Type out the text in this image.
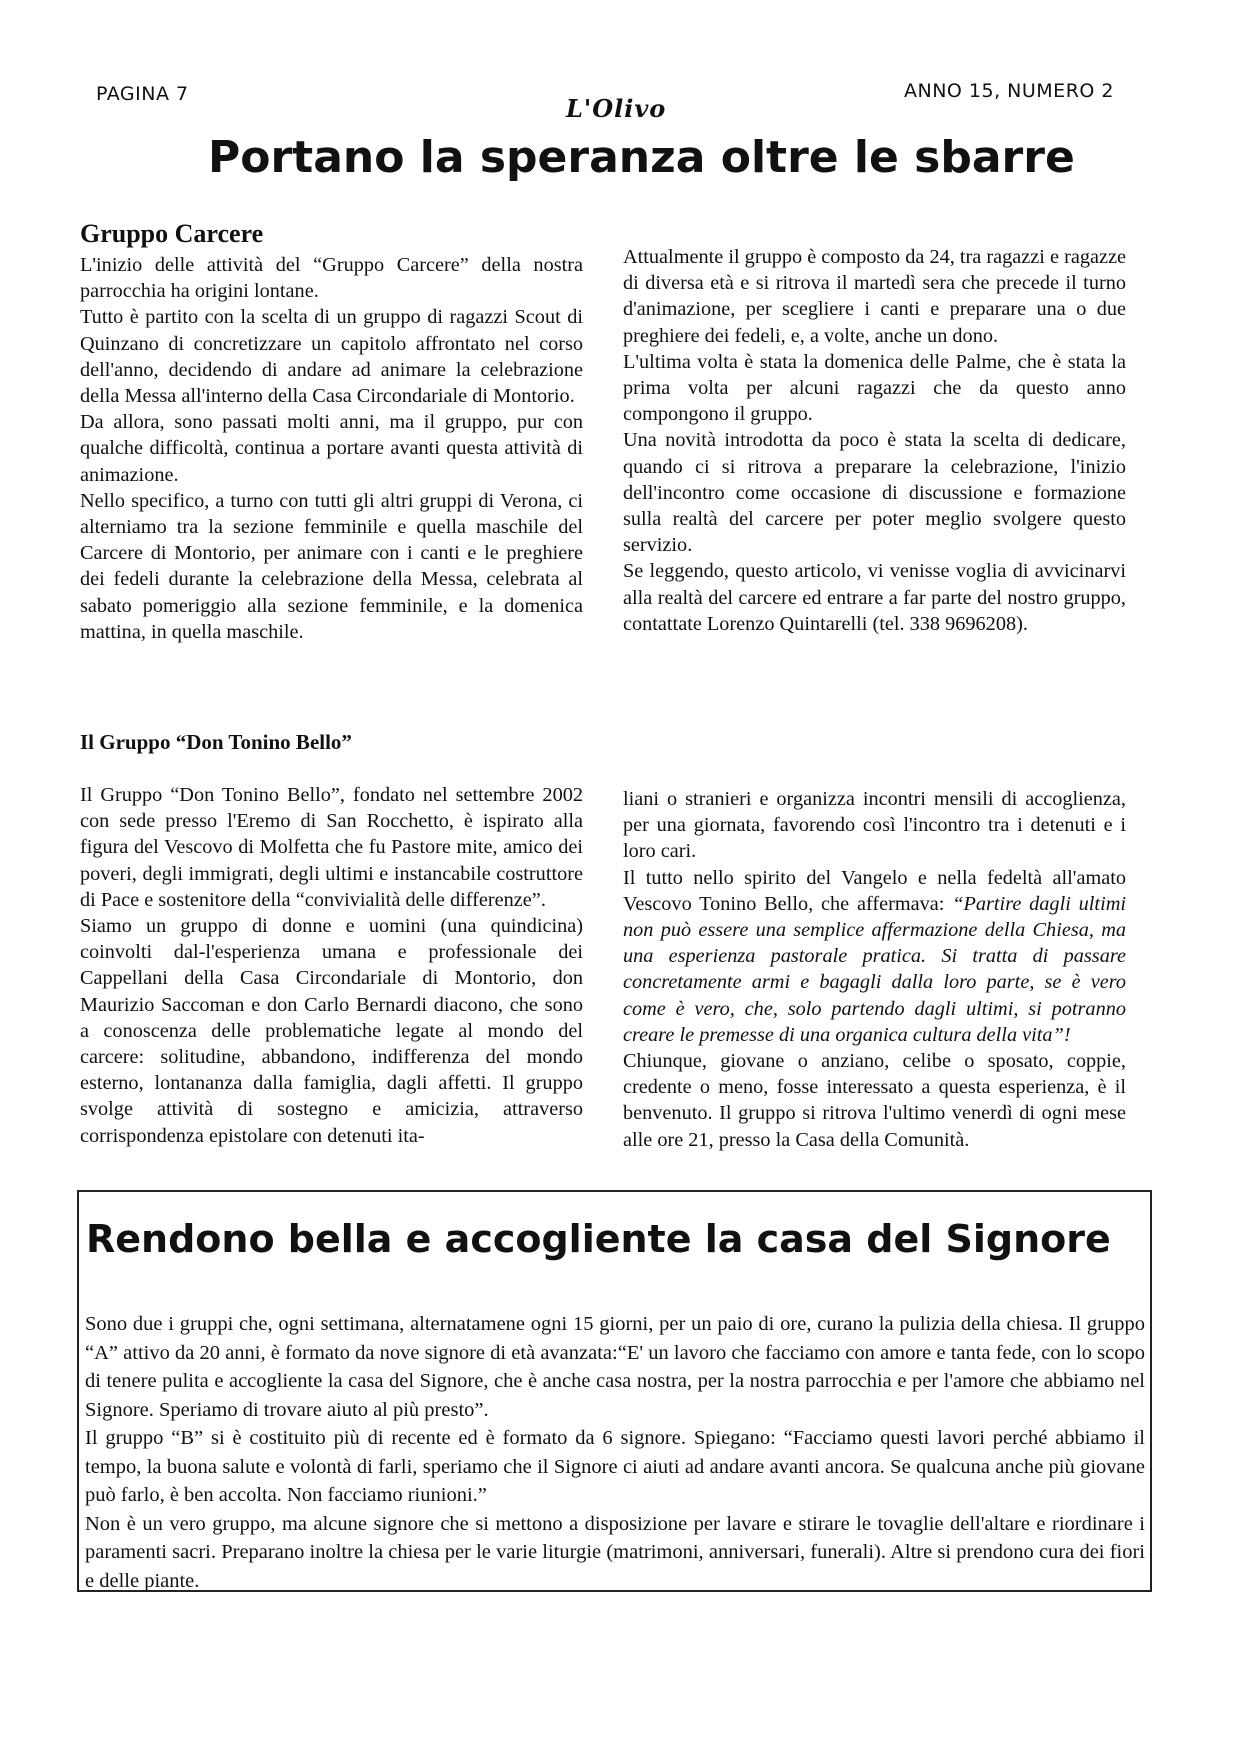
PAGINA 7	L'Olivo
ANNO 15, NUMERO 2
Portano la speranza oltre le sbarre
Gruppo Carcere

L'inizio delle attività del “Gruppo Carcere” della nostra parrocchia ha origini lontane.

Tutto è partito con la scelta di un gruppo di ragazzi Scout di Quinzano di concretizzare un capitolo affrontato nel corso dell'anno, decidendo di andare ad animare la celebrazione della Messa all'interno della Casa Circondariale di Montorio.

Da allora, sono passati molti anni, ma il gruppo, pur con qualche difficoltà, continua a portare avanti questa attività di animazione.

Nello specifico, a turno con tutti gli altri gruppi di Verona, ci alterniamo tra la sezione femminile e quella maschile del Carcere di Montorio, per animare con i canti e le preghiere dei fedeli durante la celebrazione della Messa, celebrata al sabato pomeriggio alla sezione femminile, e la domenica mattina, in quella maschile.

Attualmente il gruppo è composto da 24, tra ragazzi e ragazze di diversa età e si ritrova il martedì sera che precede il turno d'animazione, per scegliere i canti e preparare una o due preghiere dei fedeli, e, a volte, anche un dono.

L'ultima volta è stata la domenica delle Palme, che è stata la prima volta per alcuni ragazzi che da questo anno compongono il gruppo.

Una novità introdotta da poco è stata la scelta di dedicare, quando ci si ritrova a preparare la celebrazione, l'inizio dell'incontro come occasione di discussione e formazione sulla realtà del carcere per poter meglio svolgere questo servizio.

Se leggendo, questo articolo, vi venisse voglia di avvicinarvi alla realtà del carcere ed entrare a far parte del nostro gruppo, contattate Lorenzo Quintarelli (tel. 338 9696208).

Il Gruppo “Don Tonino Bello”

Il Gruppo “Don Tonino Bello”, fondato nel settembre 2002 con sede presso l'Eremo di San Rocchetto, è ispirato alla figura del Vescovo di Molfetta che fu Pastore mite, amico dei poveri, degli immigrati, degli ultimi e instancabile costruttore di Pace e sostenitore della “convivialità delle differenze”.

Siamo un gruppo di donne e uomini (una quindicina) coinvolti dal-l'esperienza umana e professionale dei Cappellani della Casa Circondariale di Montorio, don Maurizio Saccoman e don Carlo Bernardi diacono, che sono a conoscenza delle problematiche legate al mondo del carcere: solitudine, abbandono, indifferenza del mondo esterno, lontananza dalla famiglia, dagli affetti. Il gruppo svolge attività di sostegno e amicizia, attraverso corrispondenza epistolare con detenuti ita-

liani o stranieri e organizza incontri mensili di accoglienza, per una giornata, favorendo così l'incontro tra i detenuti e i loro cari.

Il tutto nello spirito del Vangelo e nella fedeltà all'amato Vescovo Tonino Bello, che affermava: “Partire dagli ultimi non può essere una semplice affermazione della Chiesa, ma una esperienza pastorale pratica. Si tratta di passare concretamente armi e bagagli dalla loro parte, se è vero come è vero, che, solo partendo dagli ultimi, si potranno creare le premesse di una organica cultura della vita”!

Chiunque, giovane o anziano, celibe o sposato, coppie, credente o meno, fosse interessato a questa esperienza, è il benvenuto. Il gruppo si ritrova l'ultimo venerdì di ogni mese alle ore 21, presso la Casa della Comunità.

Rendono bella e accogliente la casa del Signore

Sono due i gruppi che, ogni settimana, alternatamene ogni 15 giorni, per un paio di ore, curano la pulizia della chiesa. Il gruppo “A” attivo da 20 anni, è formato da nove signore di età avanzata:“E' un lavoro che facciamo con amore e tanta fede, con lo scopo di tenere pulita e accogliente la casa del Signore, che è anche casa nostra, per la nostra parrocchia e per l'amore che abbiamo nel Signore. Speriamo di trovare aiuto al più presto”.

Il gruppo “B” si è costituito più di recente ed è formato da 6 signore. Spiegano: “Facciamo questi lavori perché abbiamo il tempo, la buona salute e volontà di farli, speriamo che il Signore ci aiuti ad andare avanti ancora. Se qualcuna anche più giovane può farlo, è ben accolta. Non facciamo riunioni.”

Non è un vero gruppo, ma alcune signore che si mettono a disposizione per lavare e stirare le tovaglie dell'altare e riordinare i paramenti sacri. Preparano inoltre la chiesa per le varie liturgie (matrimoni, anniversari, funerali). Altre si prendono cura dei fiori e delle piante.
